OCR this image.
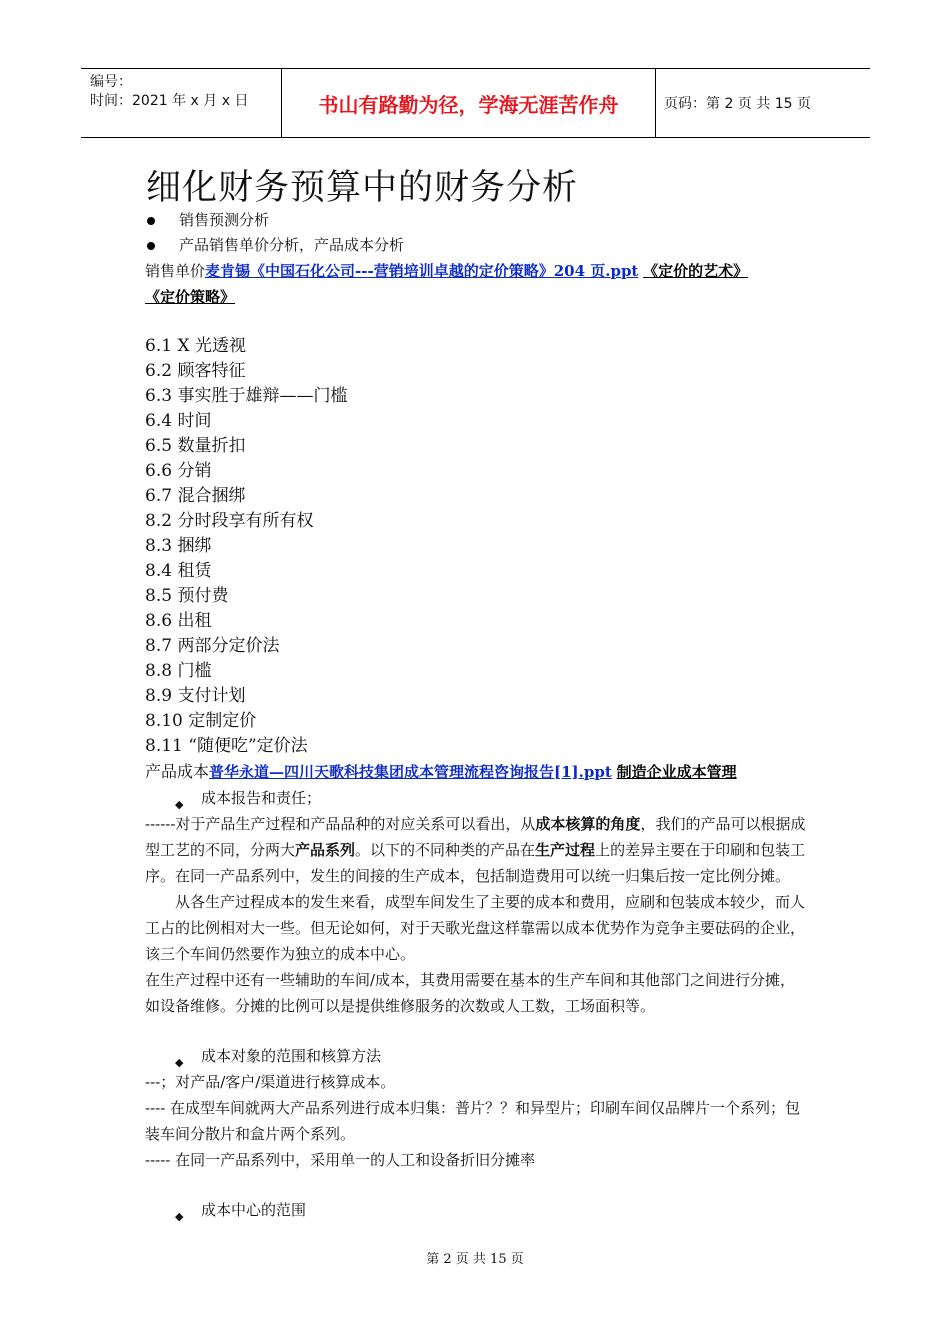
编号：
时间：2021 年 x 月 x 日	书山有路勤为径，学海无涯苦作舟	页码：第 2 页 共 15 页
细化财务预算中的财务分析
销售预测分析
产品销售单价分析，产品成本分析
销售单价麦肯锡《中国石化公司---营销培训卓越的定价策略》204 页.ppt 《定价的艺术》
《定价策略》
6.1 X 光透视
6.2 顾客特征
6.3 事实胜于雄辩——门槛
6.4 时间
6.5 数量折扣
6.6 分销
6.7 混合捆绑
8.2 分时段享有所有权
8.3 捆绑
8.4 租赁
8.5 预付费
8.6 出租
8.7 两部分定价法
8.8 门槛
8.9 支付计划
8.10 定制定价
8.11 “随便吃”定价法
产品成本普华永道—四川天歌科技集团成本管理流程咨询报告[1].ppt 制造企业成本管理
◆ 成本报告和责任；
------对于产品生产过程和产品品种的对应关系可以看出，从成本核算的角度，我们的产品可以根据成型工艺的不同，分两大产品系列。以下的不同种类的产品在生产过程上的差异主要在于印刷和包装工序。在同一产品系列中，发生的间接的生产成本，包括制造费用可以统一归集后按一定比例分摊。
从各生产过程成本的发生来看，成型车间发生了主要的成本和费用，应刷和包装成本较少，而人工占的比例相对大一些。但无论如何，对于天歌光盘这样靠需以成本优势作为竞争主要砝码的企业，该三个车间仍然要作为独立的成本中心。
在生产过程中还有一些辅助的车间/成本，其费用需要在基本的生产车间和其他部门之间进行分摊，如设备维修。分摊的比例可以是提供维修服务的次数或人工数，工场面积等。
◆ 成本对象的范围和核算方法
---；对产品/客户/渠道进行核算成本。
---- 在成型车间就两大产品系列进行成本归集：普片？？和异型片；印刷车间仅品牌片一个系列；包装车间分散片和盒片两个系列。
----- 在同一产品系列中，采用单一的人工和设备折旧分摊率
◆ 成本中心的范围
第 2 页 共 15 页
